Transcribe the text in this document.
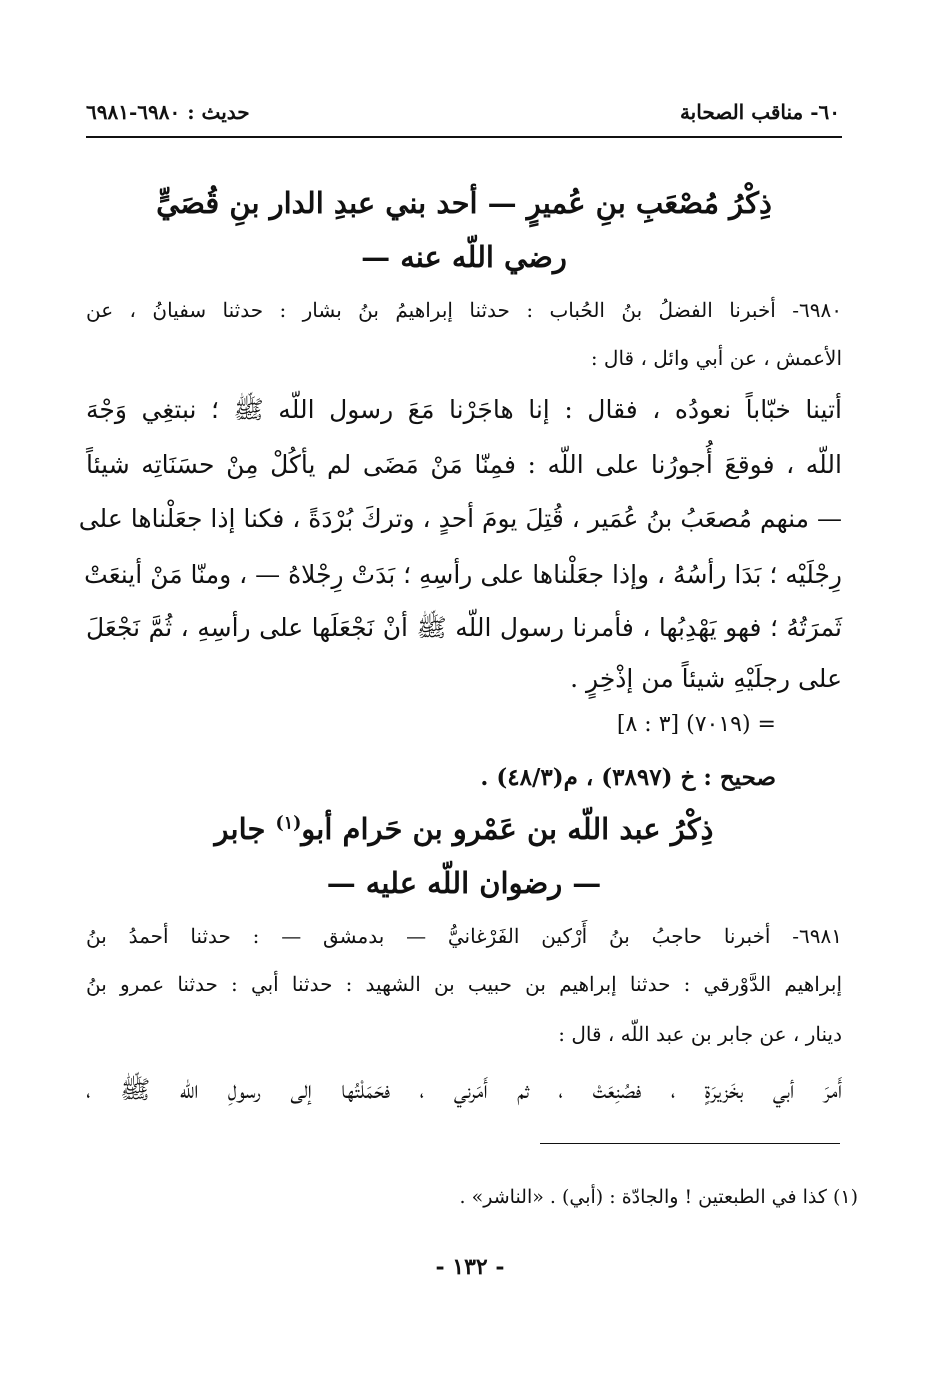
٦٠- مناقب الصحابة
حديث : ٦٩٨٠-٦٩٨١
ذِكْرُ مُصْعَبِ بنِ عُميرٍ — أحد بني عبدِ الدار بنِ قُصَيٍّ
رضي اللّه عنه —
٦٩٨٠- أخبرنا الفضلُ بنُ الحُباب : حدثنا إبراهيمُ بنُ بشار : حدثنا سفيانُ ، عن
الأعمش ، عن أبي وائل ، قال :
أتينا خبّاباً نعودُه ، فقال : إنا هاجَرْنا مَعَ رسول اللّه ﷺ ؛ نبتغِي وَجْهَ
اللّه ، فوقعَ أُجورُنا على اللّه : فمِنّا مَنْ مَضَى لم يأكُلْ مِنْ حسَنَاتِه شيئاً
— منهم مُصعَبُ بنُ عُمَير ، قُتِلَ يومَ أحدٍ ، وتركَ بُرْدَةً ، فكنا إذا جعَلْناها على
رِجْلَيْه ؛ بَدَا رأسُهُ ، وإذا جعَلْناها على رأسِهِ ؛ بَدَتْ رِجْلاهُ — ، ومنّا مَنْ أينعَتْ
ثَمرَتُهُ ؛ فهو يَهْدِبُها ، فأمرنا رسول اللّه ﷺ أنْ نَجْعَلَها على رأسِهِ ، ثُمَّ نَجْعَلَ
على رجلَيْهِ شيئاً من إذْخِرٍ .
= (٧٠١٩) [٣ : ٨]
صحيح : خ (٣٨٩٧) ، م(٤٨/٣) .
ذِكْرُ عبد اللّه بن عَمْرو بن حَرام أبو$^{(١)}$ جابر
— رضوان اللّه عليه —
٦٩٨١- أخبرنا حاجبُ بنُ أَرْكين الفَرْغانيُّ — بدمشق — : حدثنا أحمدُ بنُ
إبراهيم الدَّوْرقي : حدثنا إبراهيم بن حبيب بن الشهيد : حدثنا أبي : حدثنا عمرو بنُ
دينار ، عن جابر بن عبد اللّه ، قال :
أَمرَ أبي بخَزيرَةٍ ، فصُنِعَتْ ، ثم أَمَرني ، فحَمَلْتُها إلى رسولِ اللّه ﷺ ،
(١) كذا في الطبعتين ! والجادّة : (أبي) . «الناشر» .
- ١٣٢ -
